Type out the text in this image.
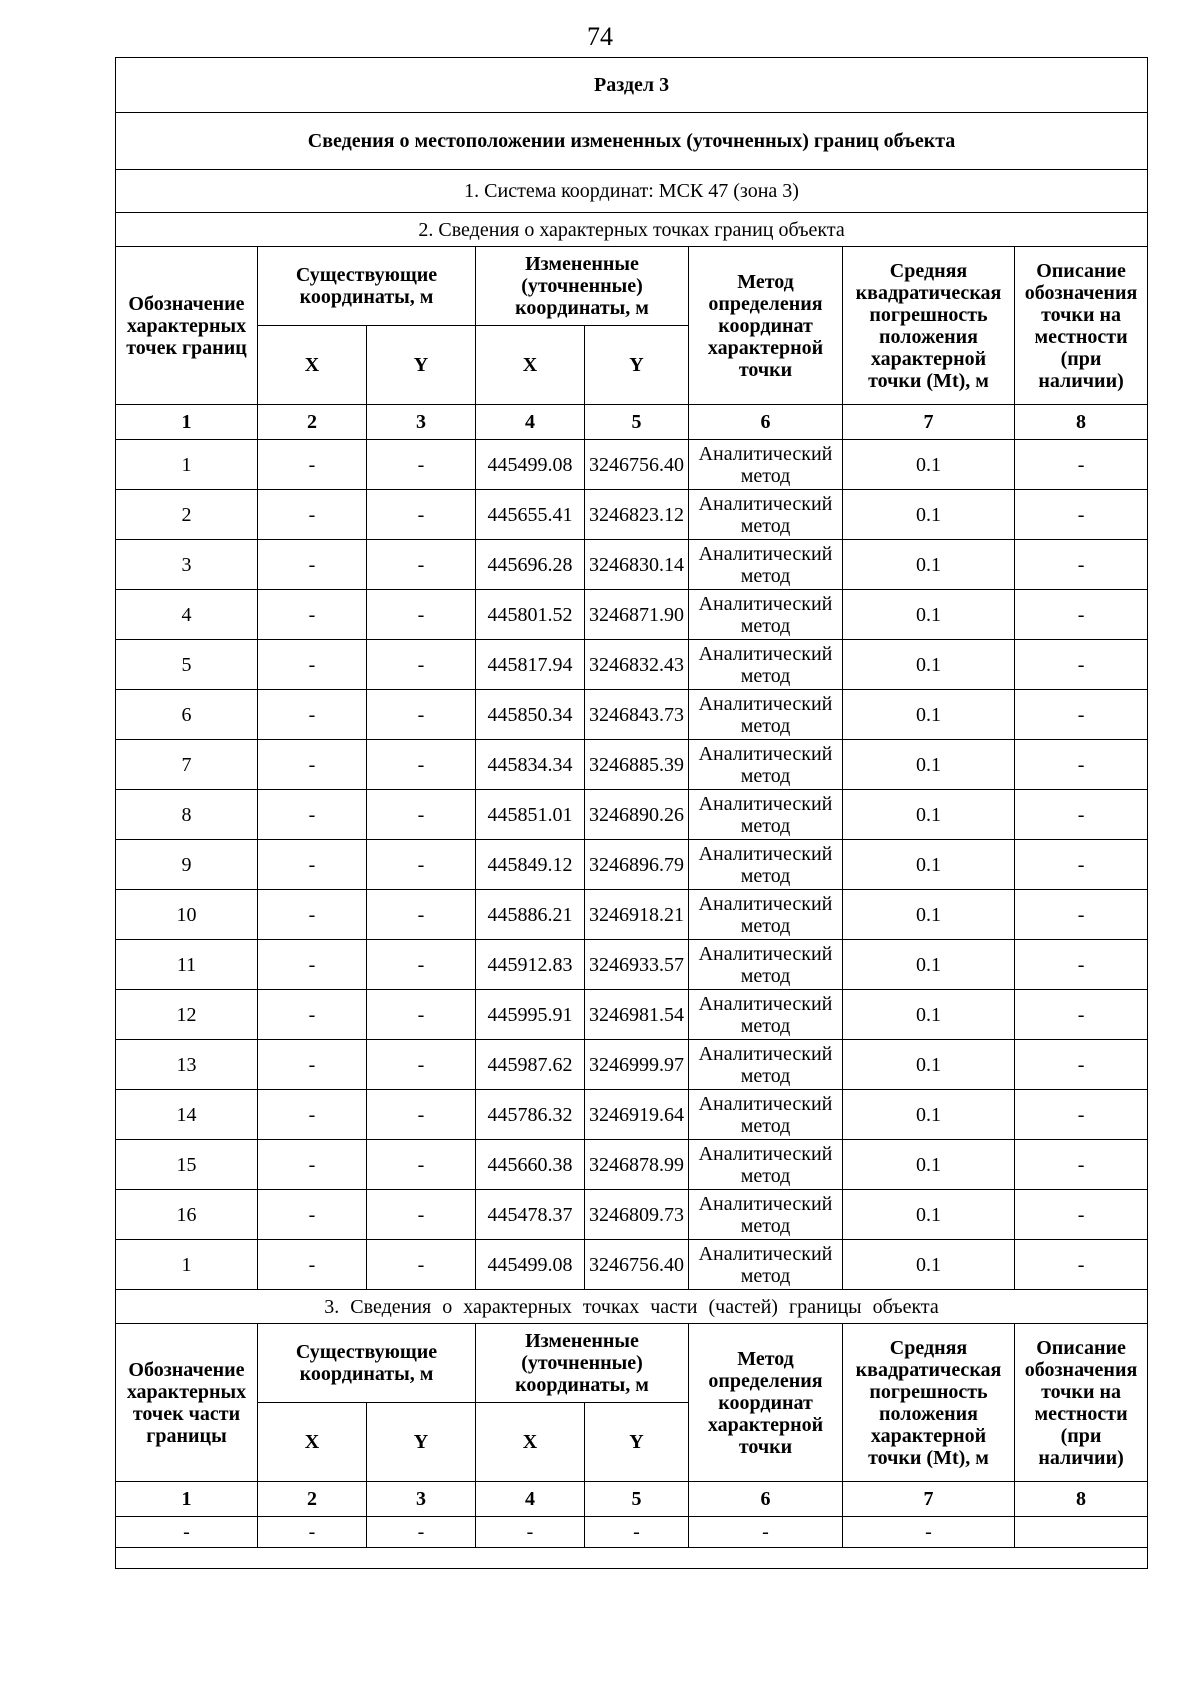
74
Раздел 3							
Сведения о местоположении измененных (уточненных) границ объекта							
1. Система координат: МСК 47 (зона 3)							
2. Сведения о характерных точках границ объекта							
Обозначение характерных точек границ	Существующие координаты, м		Измененные (уточненные) координаты, м		Метод определения координат характерной точки	Средняя квадратическая погрешность положения характерной точки (Mt), м	Описание обозначения точки на местности (при наличии)
	X	Y	X	Y			
1	2	3	4	5	6	7	8
1	-	-	445499.08	3246756.40	Аналитический метод	0.1	-
2	-	-	445655.41	3246823.12	Аналитический метод	0.1	-
3	-	-	445696.28	3246830.14	Аналитический метод	0.1	-
4	-	-	445801.52	3246871.90	Аналитический метод	0.1	-
5	-	-	445817.94	3246832.43	Аналитический метод	0.1	-
6	-	-	445850.34	3246843.73	Аналитический метод	0.1	-
7	-	-	445834.34	3246885.39	Аналитический метод	0.1	-
8	-	-	445851.01	3246890.26	Аналитический метод	0.1	-
9	-	-	445849.12	3246896.79	Аналитический метод	0.1	-
10	-	-	445886.21	3246918.21	Аналитический метод	0.1	-
11	-	-	445912.83	3246933.57	Аналитический метод	0.1	-
12	-	-	445995.91	3246981.54	Аналитический метод	0.1	-
13	-	-	445987.62	3246999.97	Аналитический метод	0.1	-
14	-	-	445786.32	3246919.64	Аналитический метод	0.1	-
15	-	-	445660.38	3246878.99	Аналитический метод	0.1	-
16	-	-	445478.37	3246809.73	Аналитический метод	0.1	-
1	-	-	445499.08	3246756.40	Аналитический метод	0.1	-
3. Сведения о характерных точках части (частей) границы объекта							
Обозначение характерных точек части границы	Существующие координаты, м		Измененные (уточненные) координаты, м		Метод определения координат характерной точки	Средняя квадратическая погрешность положения характерной точки (Mt), м	Описание обозначения точки на местности (при наличии)
	X	Y	X	Y			
1	2	3	4	5	6	7	8
-	-	-	-	-	-	-	
